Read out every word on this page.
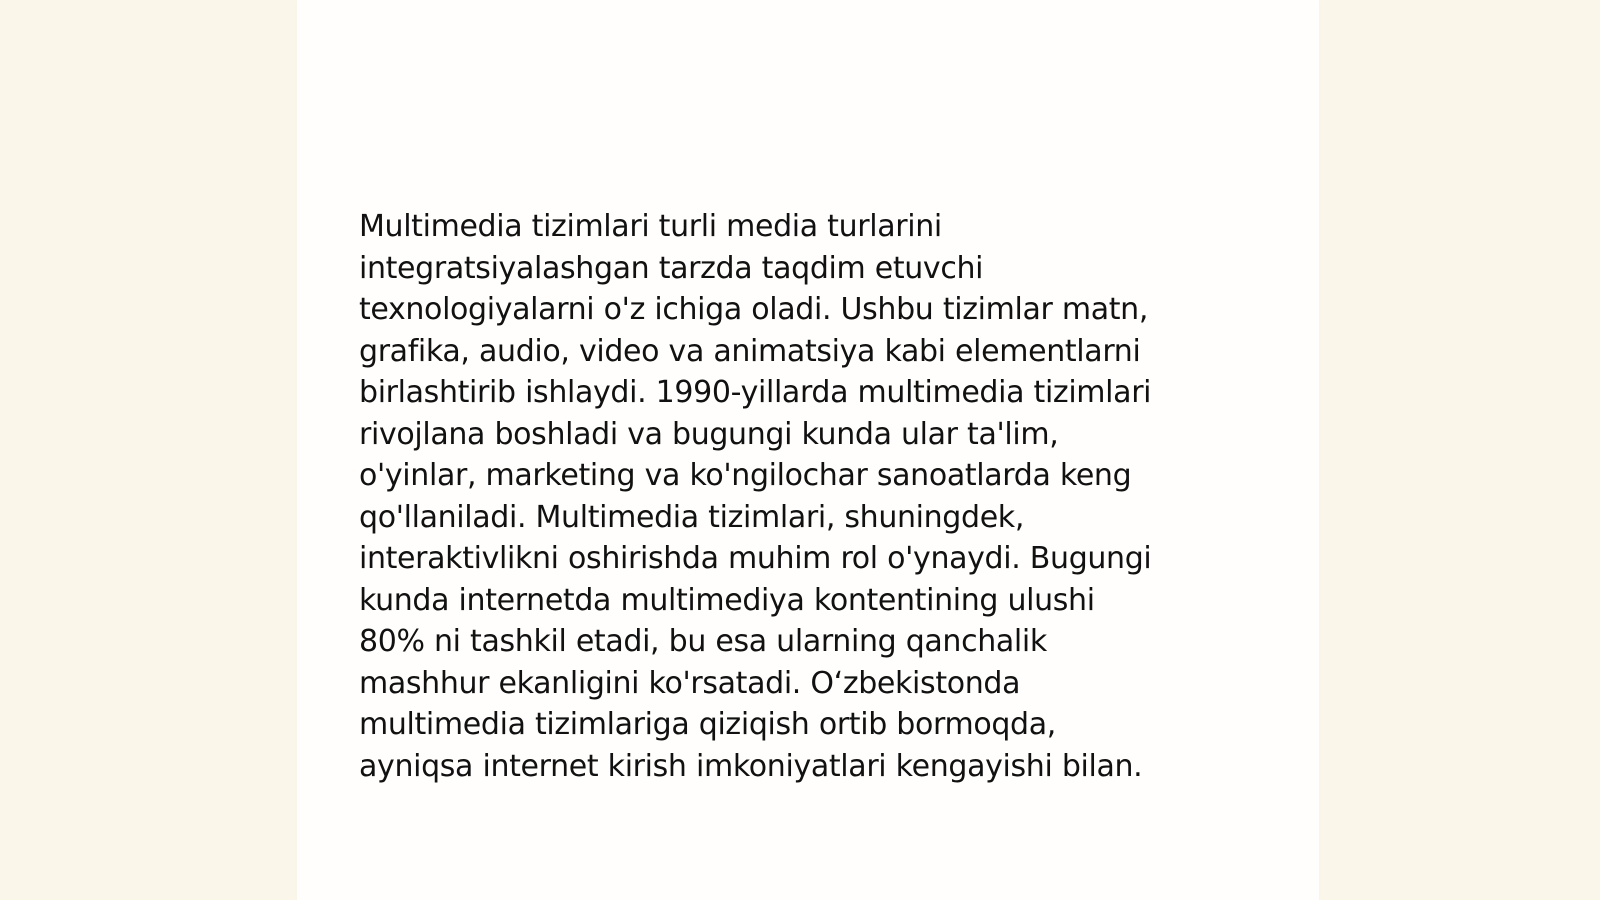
Multimedia tizimlari turli media turlarini
integratsiyalashgan tarzda taqdim etuvchi
texnologiyalarni o'z ichiga oladi. Ushbu tizimlar matn,
grafika, audio, video va animatsiya kabi elementlarni
birlashtirib ishlaydi. 1990-yillarda multimedia tizimlari
rivojlana boshladi va bugungi kunda ular ta'lim,
o'yinlar, marketing va ko'ngilochar sanoatlarda keng
qo'llaniladi. Multimedia tizimlari, shuningdek,
interaktivlikni oshirishda muhim rol o'ynaydi. Bugungi
kunda internetda multimediya kontentining ulushi
80% ni tashkil etadi, bu esa ularning qanchalik
mashhur ekanligini ko'rsatadi. O‘zbekistonda
multimedia tizimlariga qiziqish ortib bormoqda,
ayniqsa internet kirish imkoniyatlari kengayishi bilan.
